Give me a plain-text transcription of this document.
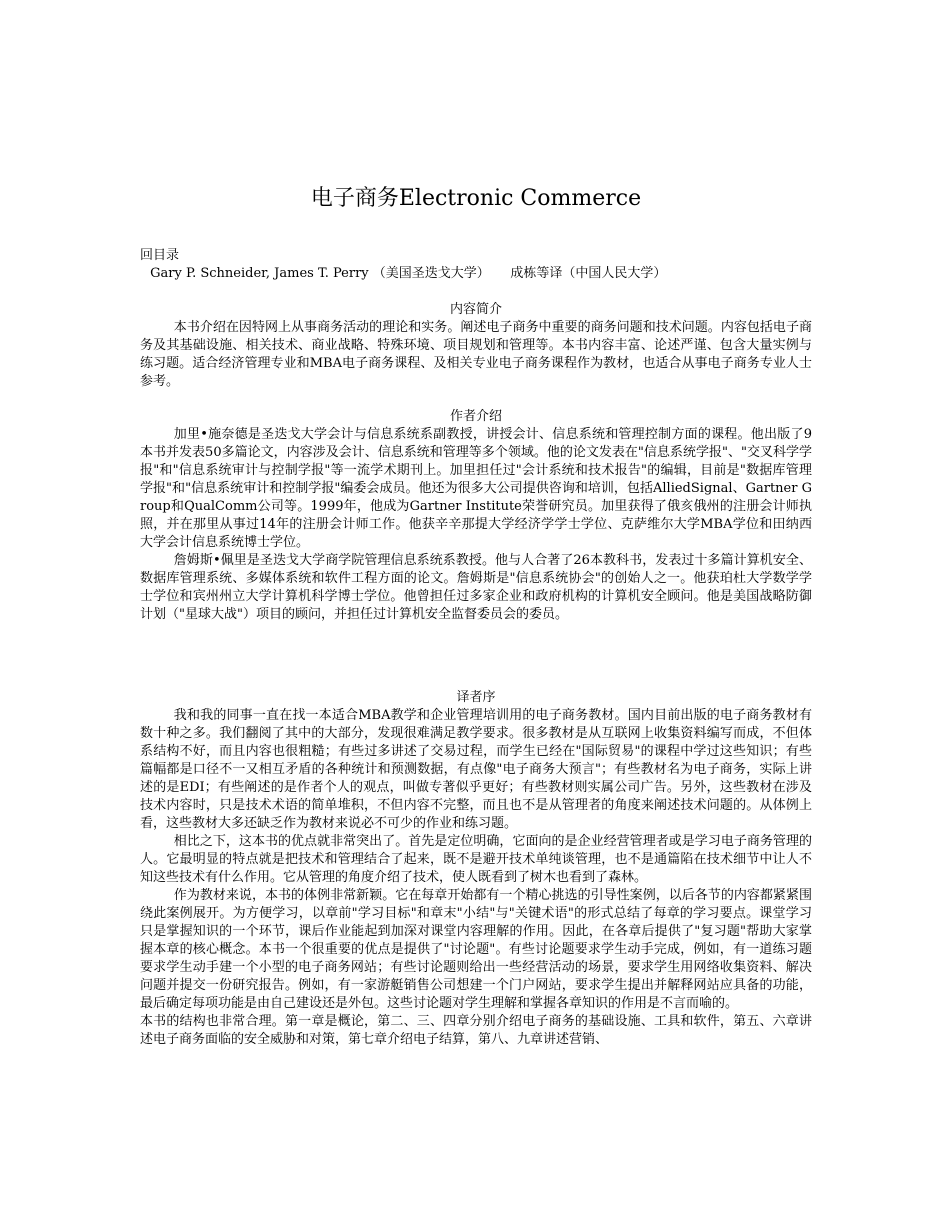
电子商务Electronic Commerce
回目录
Gary P. Schneider, James T. Perry （美国圣迭戈大学）     成栋等译（中国人民大学）
内容简介

本书介绍在因特网上从事商务活动的理论和实务。阐述电子商务中重要的商务问题和技术问题。内容包括电子商务及其基础设施、相关技术、商业战略、特殊环境、项目规划和管理等。本书内容丰富、论述严谨、包含大量实例与练习题。适合经济管理专业和MBA电子商务课程、及相关专业电子商务课程作为教材，也适合从事电子商务专业人士参考。

作者介绍

加里•施奈德是圣迭戈大学会计与信息系统系副教授，讲授会计、信息系统和管理控制方面的课程。他出版了9本书并发表50多篇论文，内容涉及会计、信息系统和管理等多个领域。他的论文发表在"信息系统学报"、"交叉科学学报"和"信息系统审计与控制学报"等一流学术期刊上。加里担任过"会计系统和技术报告"的编辑，目前是"数据库管理学报"和"信息系统审计和控制学报"编委会成员。他还为很多大公司提供咨询和培训，包括AlliedSignal、Gartner Group和QualComm公司等。1999年，他成为Gartner Institute荣誉研究员。加里获得了俄亥俄州的注册会计师执照，并在那里从事过14年的注册会计师工作。他获辛辛那提大学经济学学士学位、克萨维尔大学MBA学位和田纳西大学会计信息系统博士学位。

詹姆斯•佩里是圣迭戈大学商学院管理信息系统系教授。他与人合著了26本教科书，发表过十多篇计算机安全、数据库管理系统、多媒体系统和软件工程方面的论文。詹姆斯是"信息系统协会"的创始人之一。他获珀杜大学数学学士学位和宾州州立大学计算机科学博士学位。他曾担任过多家企业和政府机构的计算机安全顾问。他是美国战略防御计划（"星球大战"）项目的顾问，并担任过计算机安全监督委员会的委员。

译者序

我和我的同事一直在找一本适合MBA教学和企业管理培训用的电子商务教材。国内目前出版的电子商务教材有数十种之多。我们翻阅了其中的大部分，发现很难满足教学要求。很多教材是从互联网上收集资料编写而成，不但体系结构不好，而且内容也很粗糙；有些过多讲述了交易过程，而学生已经在"国际贸易"的课程中学过这些知识；有些篇幅都是口径不一又相互矛盾的各种统计和预测数据，有点像"电子商务大预言"；有些教材名为电子商务，实际上讲述的是EDI；有些阐述的是作者个人的观点，叫做专著似乎更好；有些教材则实属公司广告。另外，这些教材在涉及技术内容时，只是技术术语的简单堆积，不但内容不完整，而且也不是从管理者的角度来阐述技术问题的。从体例上看，这些教材大多还缺乏作为教材来说必不可少的作业和练习题。

相比之下，这本书的优点就非常突出了。首先是定位明确，它面向的是企业经营管理者或是学习电子商务管理的人。它最明显的特点就是把技术和管理结合了起来，既不是避开技术单纯谈管理，也不是通篇陷在技术细节中让人不知这些技术有什么作用。它从管理的角度介绍了技术，使人既看到了树木也看到了森林。

作为教材来说，本书的体例非常新颖。它在每章开始都有一个精心挑选的引导性案例，以后各节的内容都紧紧围绕此案例展开。为方便学习，以章前"学习目标"和章末"小结"与"关键术语"的形式总结了每章的学习要点。课堂学习只是掌握知识的一个环节，课后作业能起到加深对课堂内容理解的作用。因此，在各章后提供了"复习题"帮助大家掌握本章的核心概念。本书一个很重要的优点是提供了"讨论题"。有些讨论题要求学生动手完成，例如，有一道练习题要求学生动手建一个小型的电子商务网站；有些讨论题则给出一些经营活动的场景，要求学生用网络收集资料、解决问题并提交一份研究报告。例如，有一家游艇销售公司想建一个门户网站，要求学生提出并解释网站应具备的功能，最后确定每项功能是由自己建设还是外包。这些讨论题对学生理解和掌握各章知识的作用是不言而喻的。

本书的结构也非常合理。第一章是概论，第二、三、四章分别介绍电子商务的基础设施、工具和软件，第五、六章讲述电子商务面临的安全威胁和对策，第七章介绍电子结算，第八、九章讲述营销、
